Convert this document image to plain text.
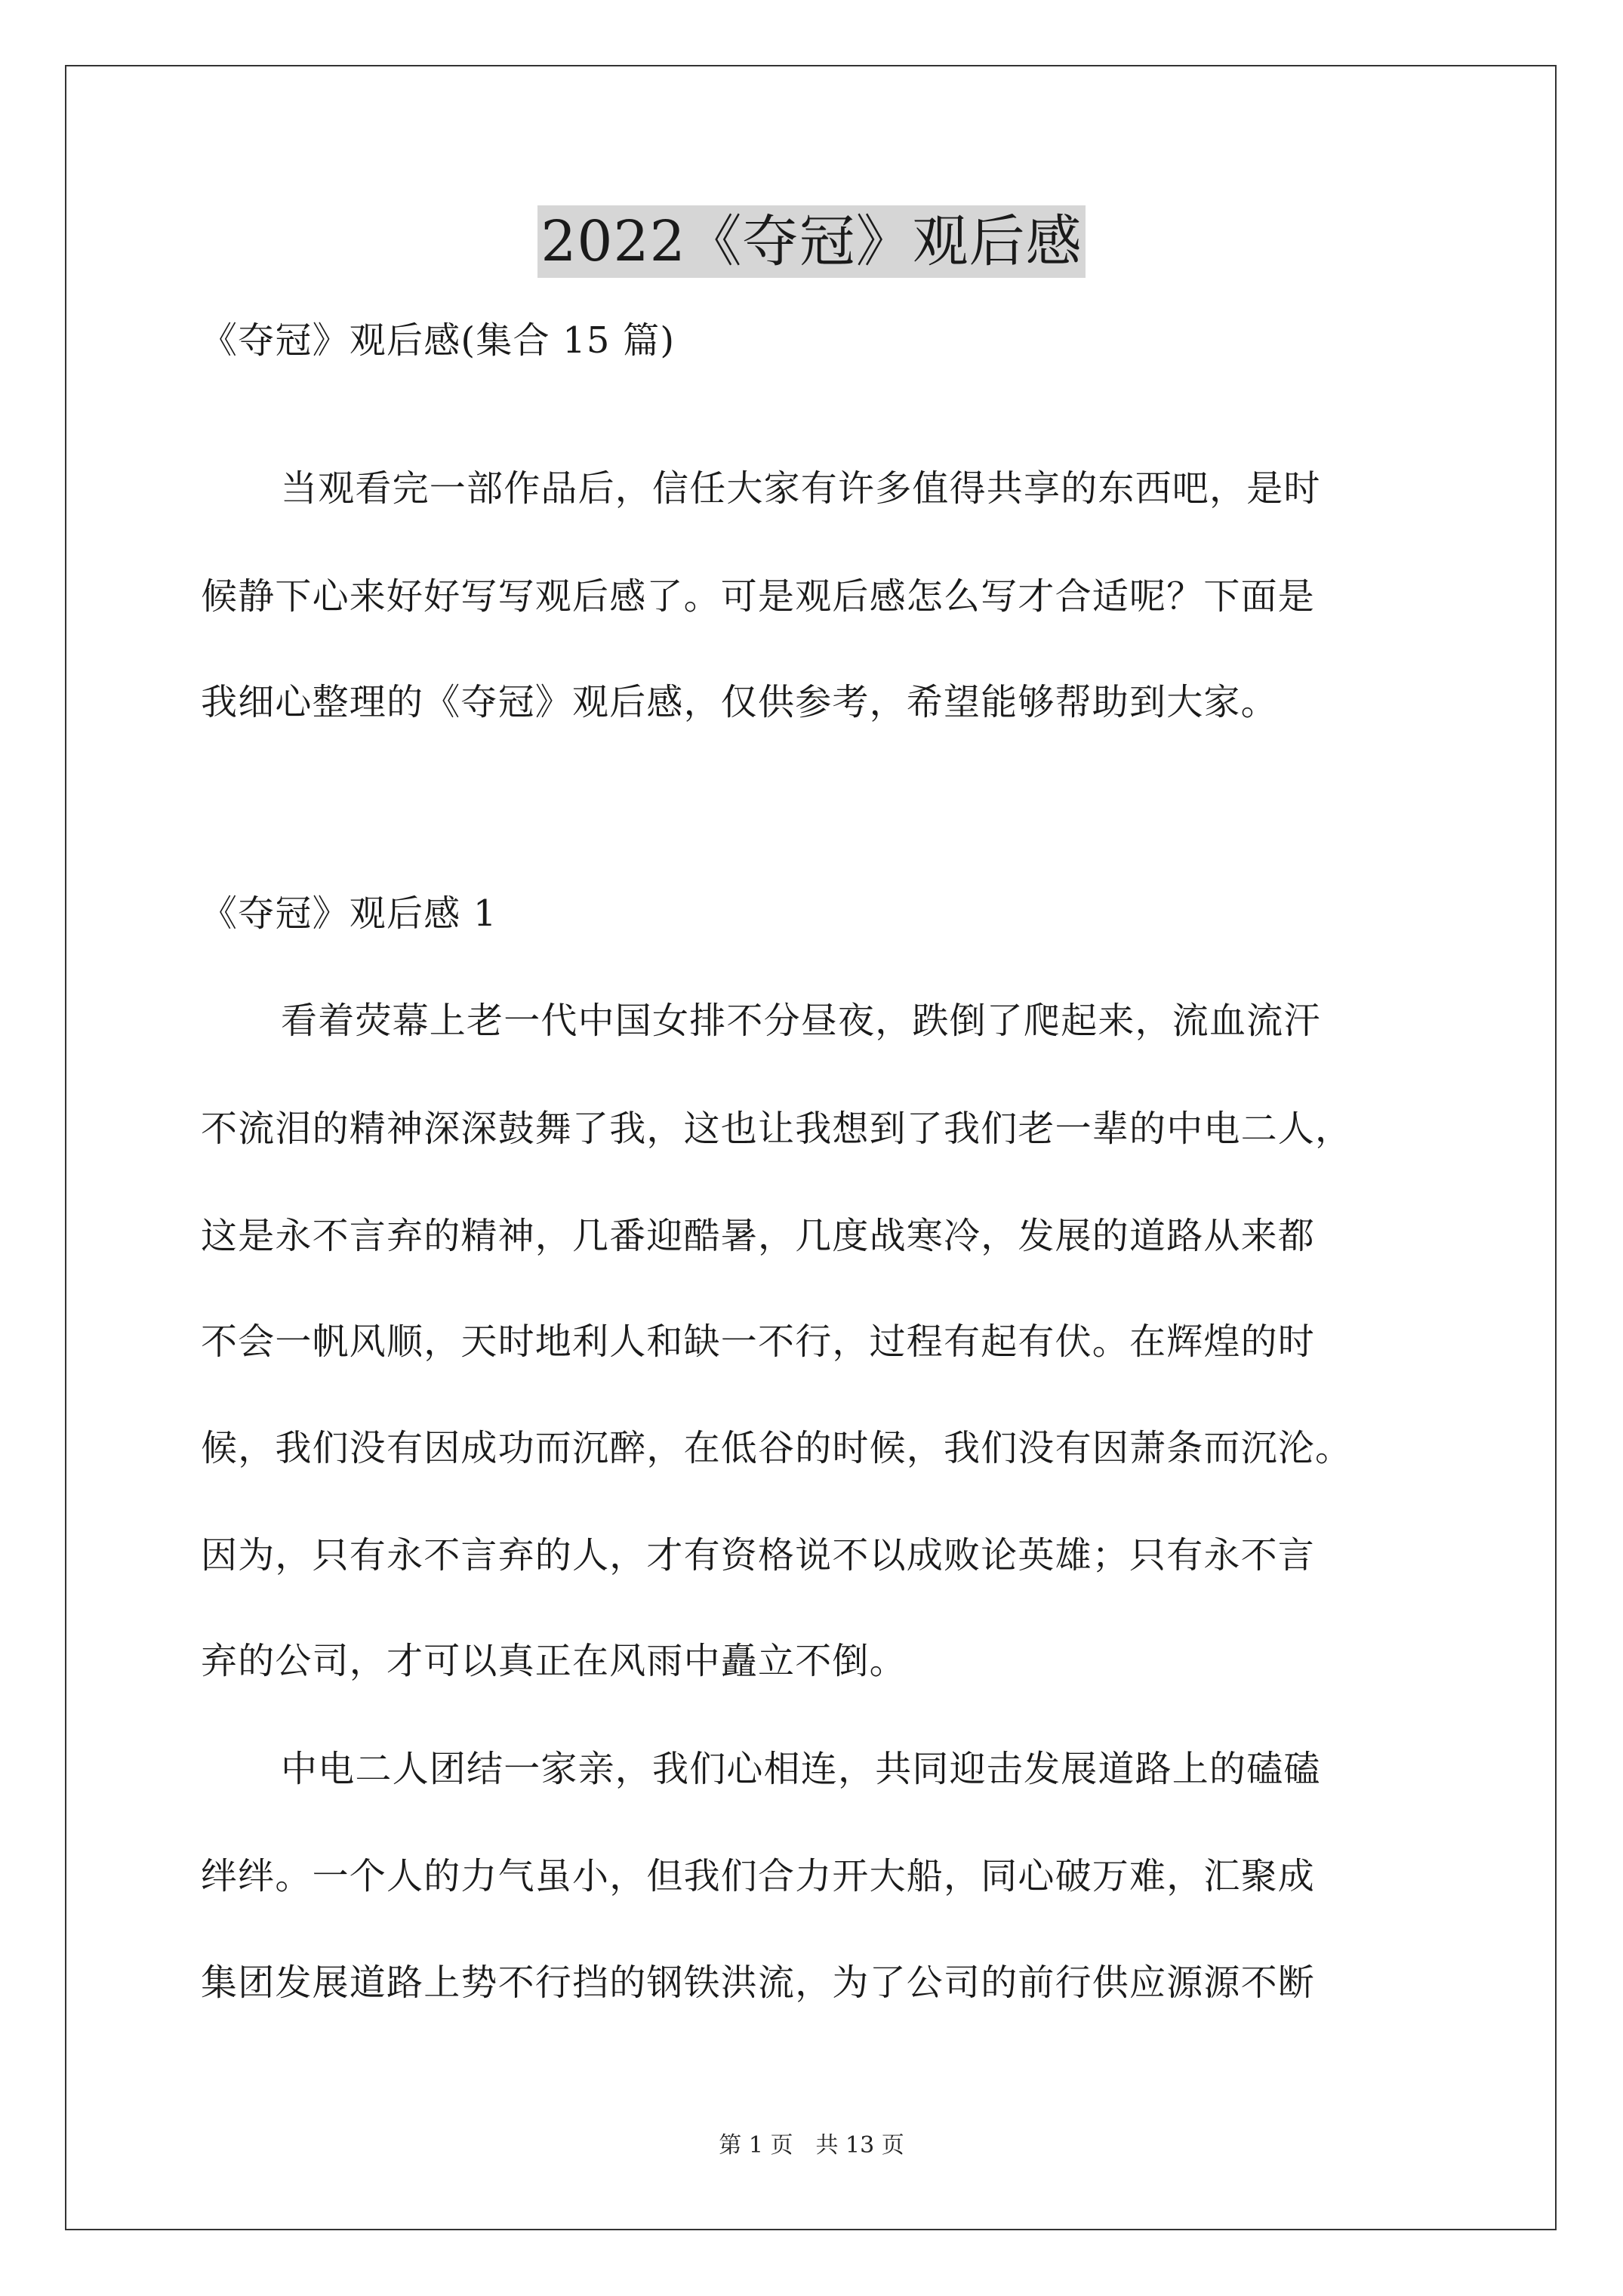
2022《夺冠》观后感
《夺冠》观后感(集合 15 篇)
当观看完一部作品后，信任大家有许多值得共享的东西吧，是时
候静下心来好好写写观后感了。可是观后感怎么写才合适呢？下面是
我细心整理的《夺冠》观后感，仅供参考，希望能够帮助到大家。
《夺冠》观后感 1
看着荧幕上老一代中国女排不分昼夜，跌倒了爬起来，流血流汗
不流泪的精神深深鼓舞了我，这也让我想到了我们老一辈的中电二人，
这是永不言弃的精神，几番迎酷暑，几度战寒冷，发展的道路从来都
不会一帆风顺，天时地利人和缺一不行，过程有起有伏。在辉煌的时
候，我们没有因成功而沉醉，在低谷的时候，我们没有因萧条而沉沦。
因为，只有永不言弃的人，才有资格说不以成败论英雄；只有永不言
弃的公司，才可以真正在风雨中矗立不倒。
中电二人团结一家亲，我们心相连，共同迎击发展道路上的磕磕
绊绊。一个人的力气虽小，但我们合力开大船，同心破万难，汇聚成
集团发展道路上势不行挡的钢铁洪流，为了公司的前行供应源源不断
第 1 页　共 13 页
